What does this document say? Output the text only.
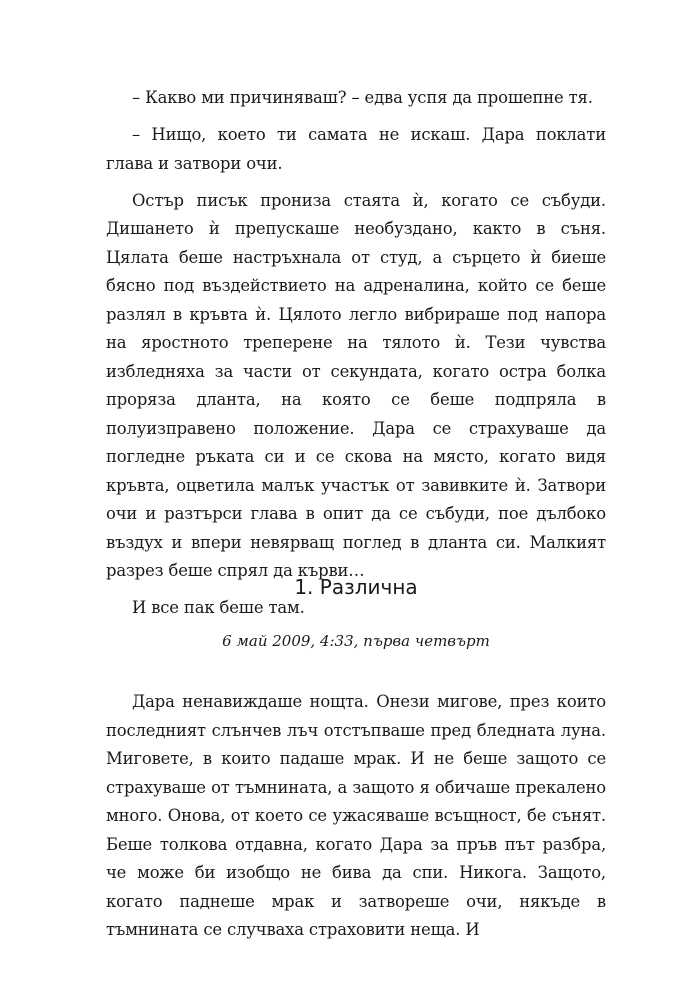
– Какво ми причиняваш? – едва успя да прошепне тя.

– Нищо, което ти самата не искаш. Дара поклати глава и затвори очи.

Остър писък прониза стаята ѝ, когато се събуди. Дишането ѝ препускаше необуздано, както в съня. Цялата беше настръхнала от студ, а сърцето ѝ биеше бясно под въздействието на адреналина, който се беше разлял в кръвта ѝ. Цялото легло вибрираше под напора на яростното треперене на тялото ѝ. Тези чувства избледняха за части от секундата, когато остра болка прорязa дланта, на която се беше подпряла в полуизправено положение. Дара се страхуваше да погледне ръката си и се скова на място, когато видя кръвта, оцветила малък участък от завивките ѝ. Затвори очи и разтърси глава в опит да се събуди, пое дълбоко въздух и впери невярващ поглед в дланта си. Малкият разрез беше спрял да кърви…

И все пак беше там.

1. Различна

6 май 2009, 4:33, първа четвърт

Дара ненавиждаше нощта. Онези мигове, през които последният слънчев лъч отстъпваше пред бледната луна. Миговете, в които падаше мрак. И не беше защото се страхуваше от тъмнината, а защото я обичаше прекалено много. Онова, от което се ужасяваше всъщност, бе сънят. Беше толкова отдавна, когато Дара за пръв път разбра, че може би изобщо не бива да спи. Никога. Защото, когато паднеше мрак и затвореше очи, някъде в тъмнината се случваха страховити неща. И
